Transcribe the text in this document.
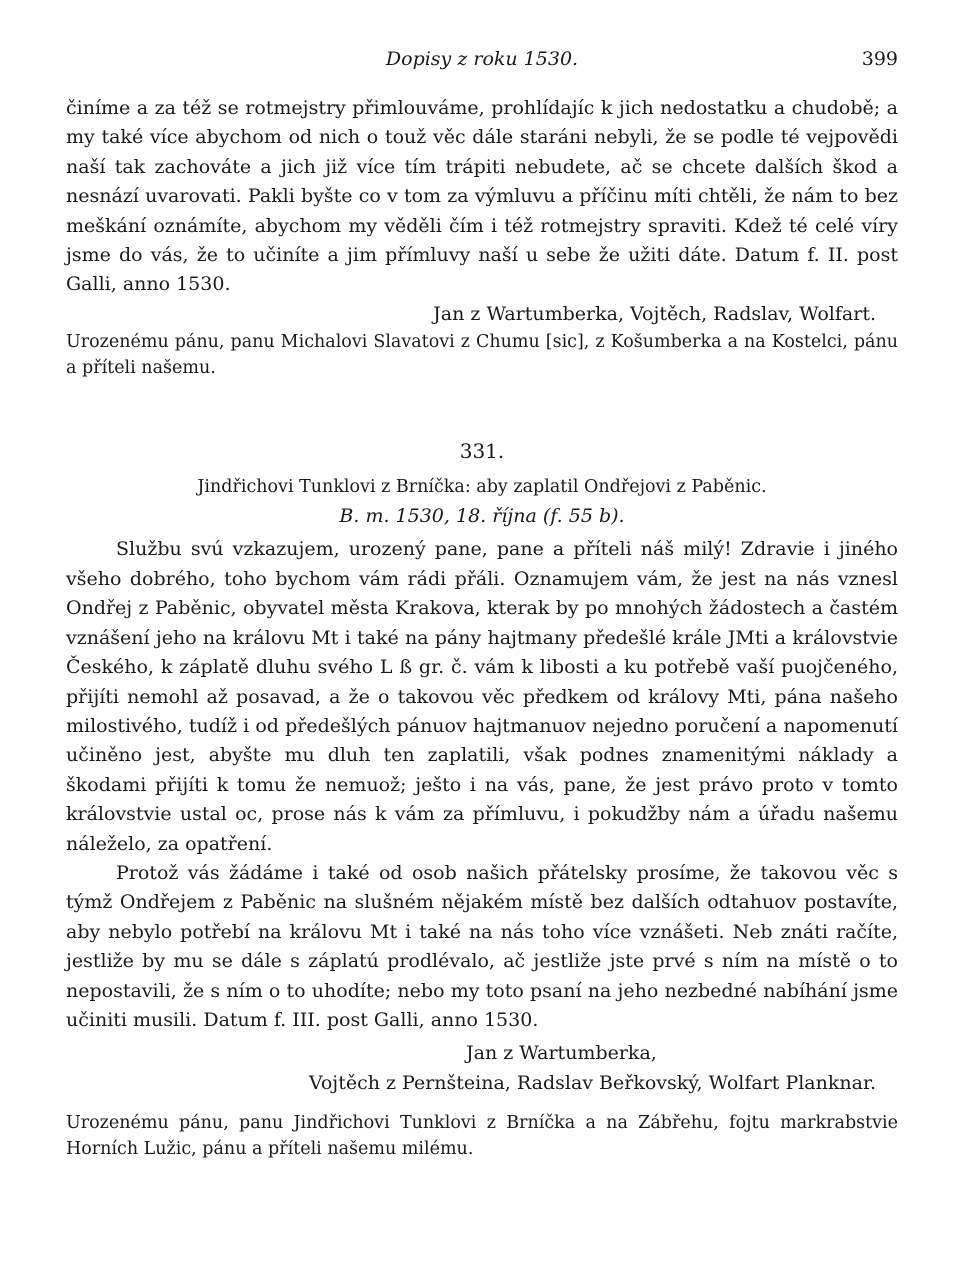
Dopisy z roku 1530.	399

činíme a za též se rotmejstry přimlouváme, prohlídajíc k jich nedostatku a chudobě; a my také více abychom od nich o touž věc dále staráni nebyli, že se podle té vejpovědi naší tak zachováte a jich již více tím trápiti nebudete, ač se chcete dalších škod a nesnází uvarovati. Pakli byšte co v tom za výmluvu a příčinu míti chtěli, že nám to bez meškání oznámíte, abychom my věděli čím i též rotmejstry spraviti. Kdež té celé víry jsme do vás, že to učiníte a jim přímluvy naší u sebe že užiti dáte. Datum f. II. post Galli, anno 1530.

Jan z Wartumberka, Vojtěch, Radslav, Wolfart.

Urozenému pánu, panu Michalovi Slavatovi z Chumu [sic], z Košumberka a na Kostelci, pánu a příteli našemu.

331.

Jindřichovi Tunklovi z Brníčka: aby zaplatil Ondřejovi z Paběnic.

B. m. 1530, 18. října (f. 55 b).

Službu svú vzkazujem, urozený pane, pane a příteli náš milý! Zdravie i jiného všeho dobrého, toho bychom vám rádi přáli. Oznamujem vám, že jest na nás vznesl Ondřej z Paběnic, obyvatel města Krakova, kterak by po mnohých žádostech a častém vznášení jeho na královu Mt i také na pány hajtmany předešlé krále JMti a královstvie Českého, k záplatě dluhu svého L ß gr. č. vám k libosti a ku potřebě vaší puojčeného, přijíti nemohl až posavad, a že o takovou věc předkem od královy Mti, pána našeho milostivého, tudíž i od předešlých pánuov hajtmanuov nejedno poručení a napomenutí učiněno jest, abyšte mu dluh ten zaplatili, však podnes znamenitými náklady a škodami přijíti k tomu že nemuož; ješto i na vás, pane, že jest právo proto v tomto královstvie ustal oc, prose nás k vám za přímluvu, i pokudžby nám a úřadu našemu náleželo, za opatření.

Protož vás žádáme i také od osob našich přátelsky prosíme, že takovou věc s týmž Ondřejem z Paběnic na slušném nějakém místě bez dalších odtahuov postavíte, aby nebylo potřebí na královu Mt i také na nás toho více vznášeti. Neb znáti račíte, jestliže by mu se dále s záplatú prodlévalo, ač jestliže jste prvé s ním na místě o to nepostavili, že s ním o to uhodíte; nebo my toto psaní na jeho nezbedné nabíhání jsme učiniti musili. Datum f. III. post Galli, anno 1530.

Jan z Wartumberka,

Vojtěch z Pernšteina, Radslav Beřkovský, Wolfart Planknar.

Urozenému pánu, panu Jindřichovi Tunklovi z Brníčka a na Zábřehu, fojtu markrabstvie Horních Lužic, pánu a příteli našemu milému.
